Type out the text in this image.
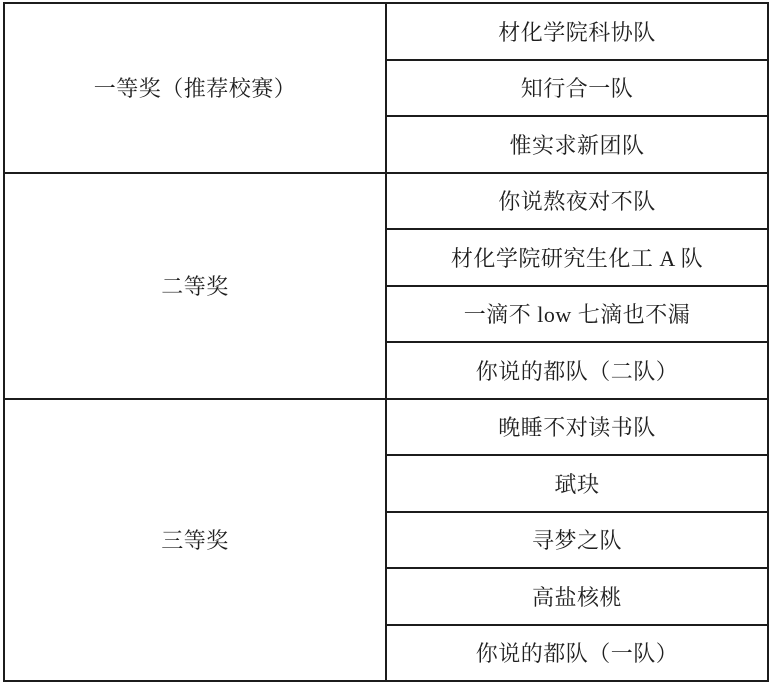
一等奖（推荐校赛）	材化学院科协队
	知行合一队
	惟实求新团队
二等奖	你说熬夜对不队
	材化学院研究生化工 A 队
	一滴不 low 七滴也不漏
	你说的都队（二队）
三等奖	晚睡不对读书队
	珷玦
	寻梦之队
	高盐核桃
	你说的都队（一队）
